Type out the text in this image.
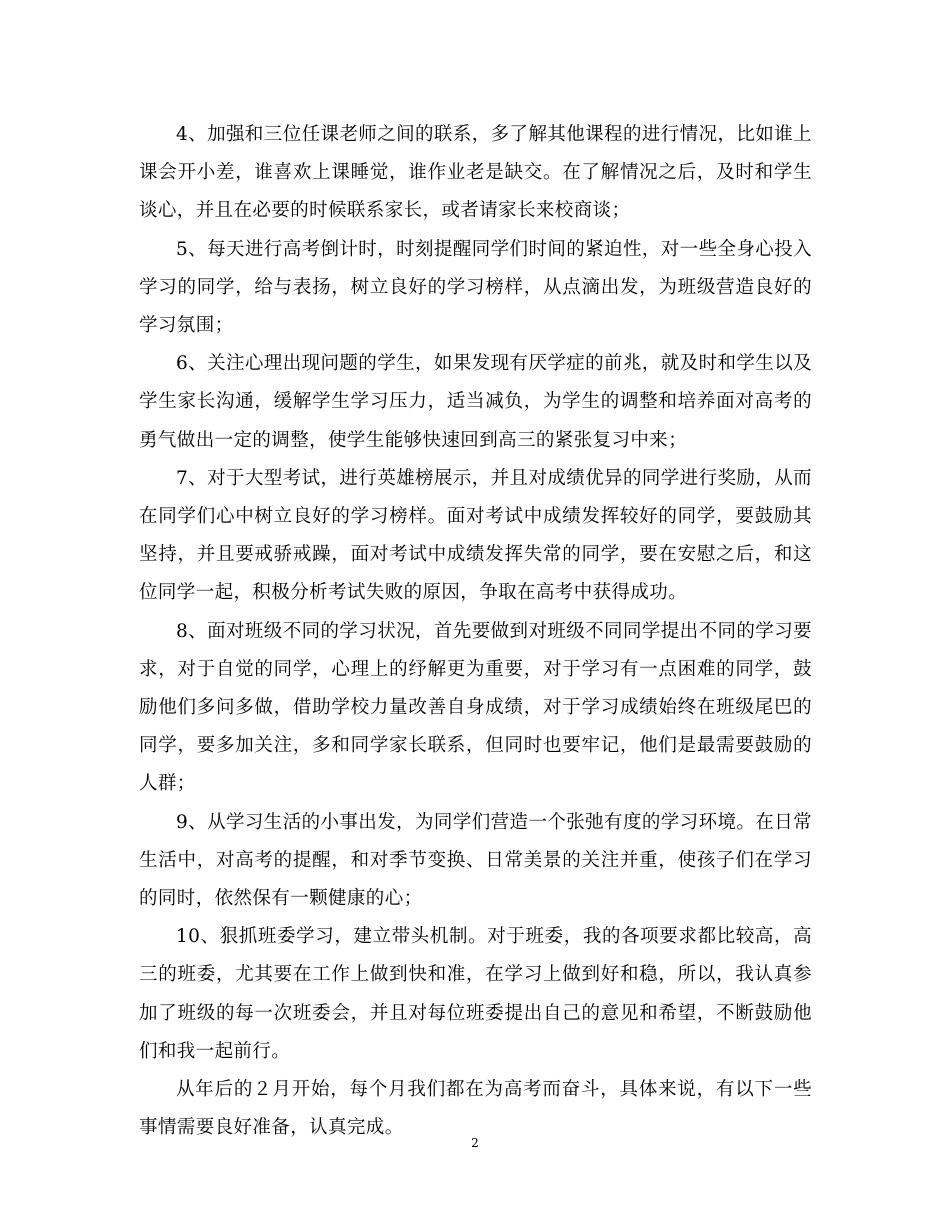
4、加强和三位任课老师之间的联系，多了解其他课程的进行情况，比如谁上课会开小差，谁喜欢上课睡觉，谁作业老是缺交。在了解情况之后，及时和学生谈心，并且在必要的时候联系家长，或者请家长来校商谈；

5、每天进行高考倒计时，时刻提醒同学们时间的紧迫性，对一些全身心投入学习的同学，给与表扬，树立良好的学习榜样，从点滴出发，为班级营造良好的学习氛围；

6、关注心理出现问题的学生，如果发现有厌学症的前兆，就及时和学生以及学生家长沟通，缓解学生学习压力，适当减负，为学生的调整和培养面对高考的勇气做出一定的调整，使学生能够快速回到高三的紧张复习中来；

7、对于大型考试，进行英雄榜展示，并且对成绩优异的同学进行奖励，从而在同学们心中树立良好的学习榜样。面对考试中成绩发挥较好的同学，要鼓励其坚持，并且要戒骄戒躁，面对考试中成绩发挥失常的同学，要在安慰之后，和这位同学一起，积极分析考试失败的原因，争取在高考中获得成功。

8、面对班级不同的学习状况，首先要做到对班级不同同学提出不同的学习要求，对于自觉的同学，心理上的纾解更为重要，对于学习有一点困难的同学，鼓励他们多问多做，借助学校力量改善自身成绩，对于学习成绩始终在班级尾巴的同学，要多加关注，多和同学家长联系，但同时也要牢记，他们是最需要鼓励的人群；

9、从学习生活的小事出发，为同学们营造一个张弛有度的学习环境。在日常生活中，对高考的提醒，和对季节变换、日常美景的关注并重，使孩子们在学习的同时，依然保有一颗健康的心；

10、狠抓班委学习，建立带头机制。对于班委，我的各项要求都比较高，高三的班委，尤其要在工作上做到快和准，在学习上做到好和稳，所以，我认真参加了班级的每一次班委会，并且对每位班委提出自己的意见和希望，不断鼓励他们和我一起前行。

从年后的２月开始，每个月我们都在为高考而奋斗，具体来说，有以下一些事情需要良好准备，认真完成。

2
